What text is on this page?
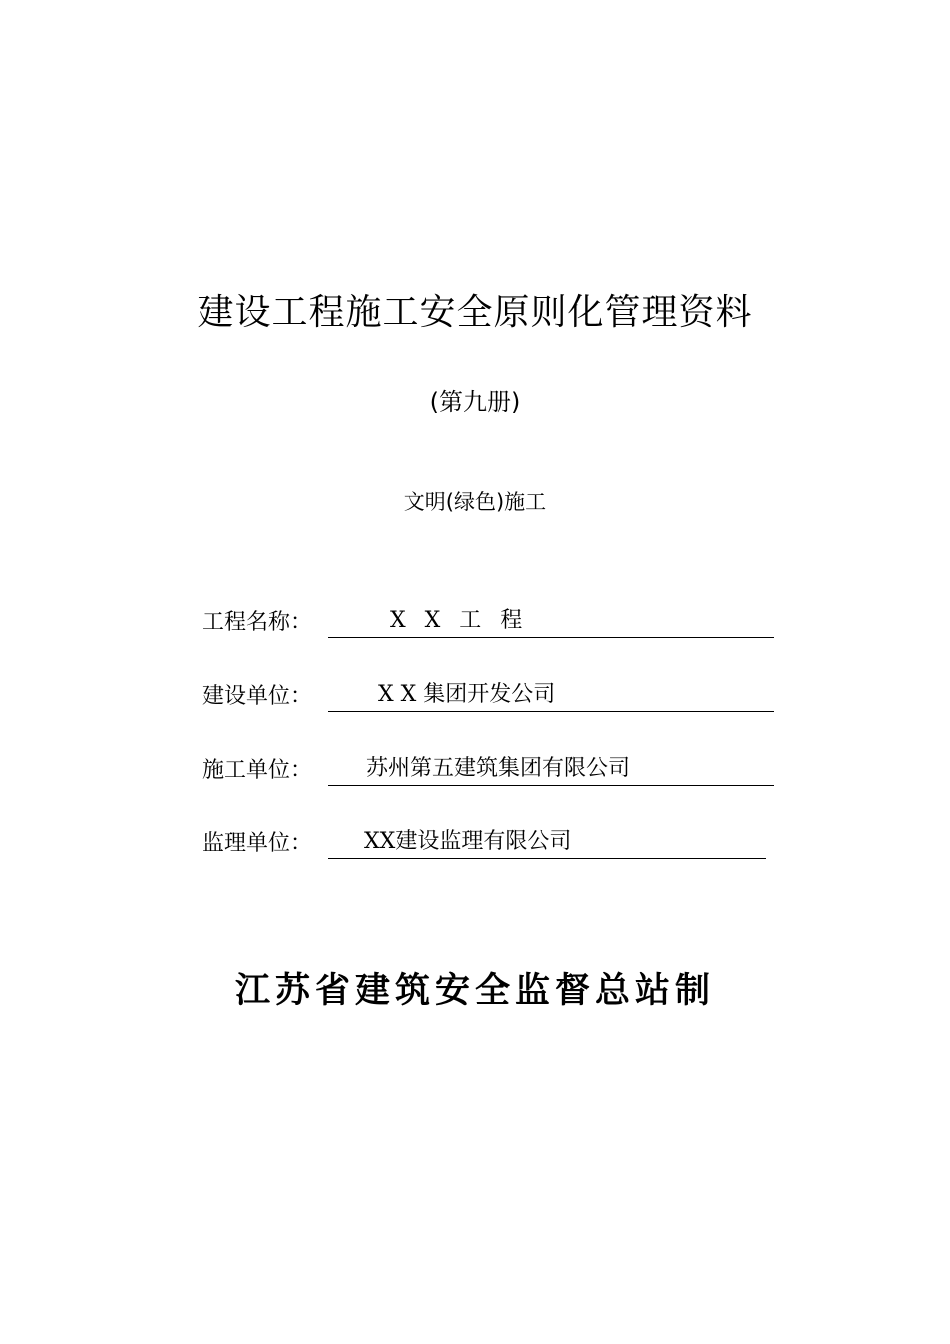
建设工程施工安全原则化管理资料
(第九册)
文明(绿色)施工
工程名称：	X X 工 程
建设单位：	X X 集团开发公司
施工单位：	苏州第五建筑集团有限公司
监理单位：	XX建设监理有限公司
江苏省建筑安全监督总站制
